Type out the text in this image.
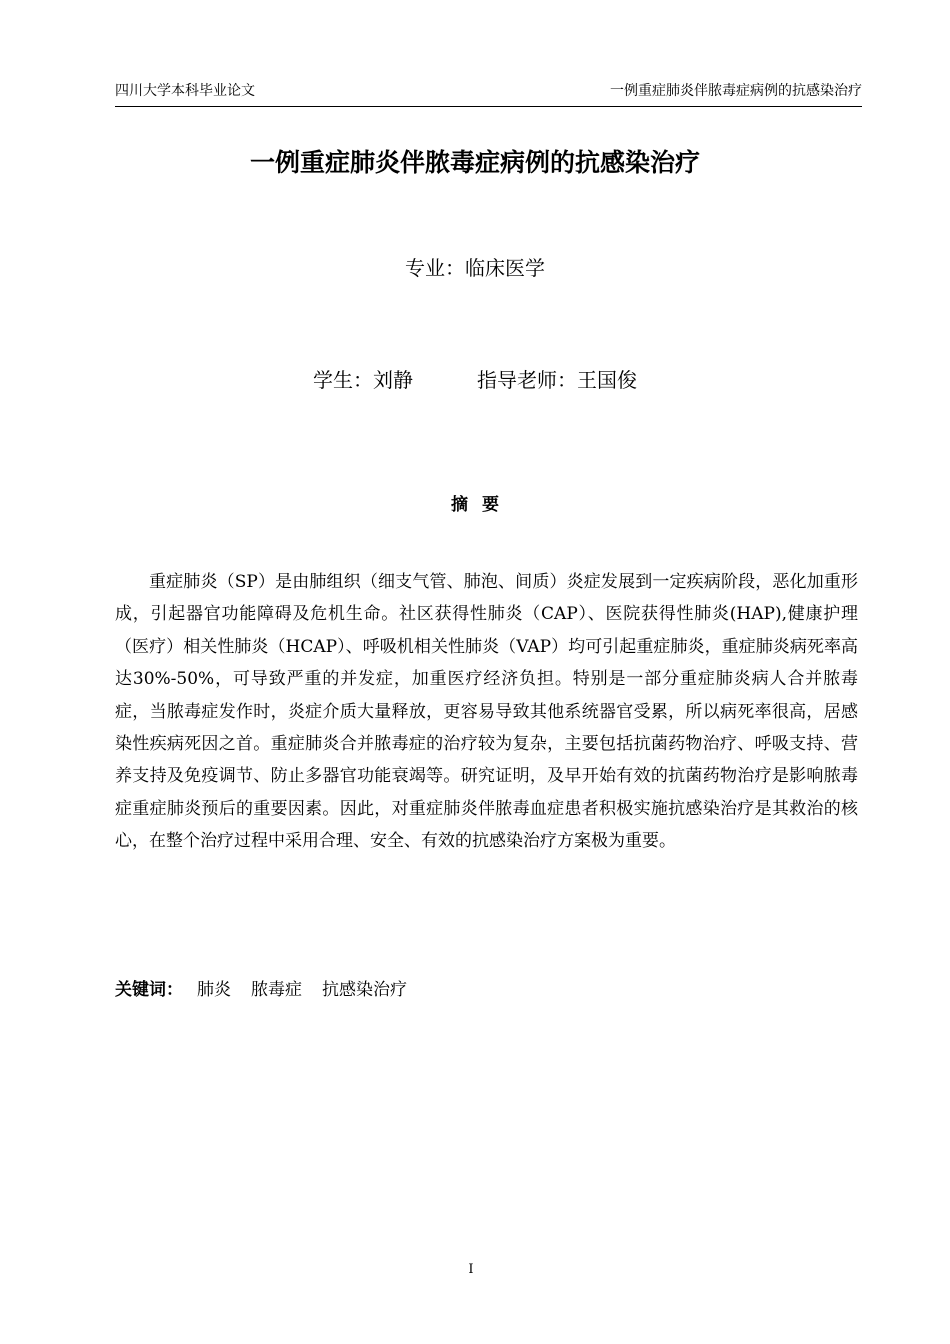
四川大学本科毕业论文	一例重症肺炎伴脓毒症病例的抗感染治疗
一例重症肺炎伴脓毒症病例的抗感染治疗
专业：临床医学
学生：刘静	指导老师：王国俊
摘要

重症肺炎（SP）是由肺组织（细支气管、肺泡、间质）炎症发展到一定疾病阶段，恶化加重形成，引起器官功能障碍及危机生命。社区获得性肺炎（CAP）、医院获得性肺炎(HAP),健康护理（医疗）相关性肺炎（HCAP）、呼吸机相关性肺炎（VAP）均可引起重症肺炎，重症肺炎病死率高达30%-50%，可导致严重的并发症，加重医疗经济负担。特别是一部分重症肺炎病人合并脓毒症，当脓毒症发作时，炎症介质大量释放，更容易导致其他系统器官受累，所以病死率很高，居感染性疾病死因之首。重症肺炎合并脓毒症的治疗较为复杂，主要包括抗菌药物治疗、呼吸支持、营养支持及免疫调节、防止多器官功能衰竭等。研究证明，及早开始有效的抗菌药物治疗是影响脓毒症重症肺炎预后的重要因素。因此，对重症肺炎伴脓毒血症患者积极实施抗感染治疗是其救治的核心，在整个治疗过程中采用合理、安全、有效的抗感染治疗方案极为重要。

关键词： 肺炎 脓毒症 抗感染治疗
I
